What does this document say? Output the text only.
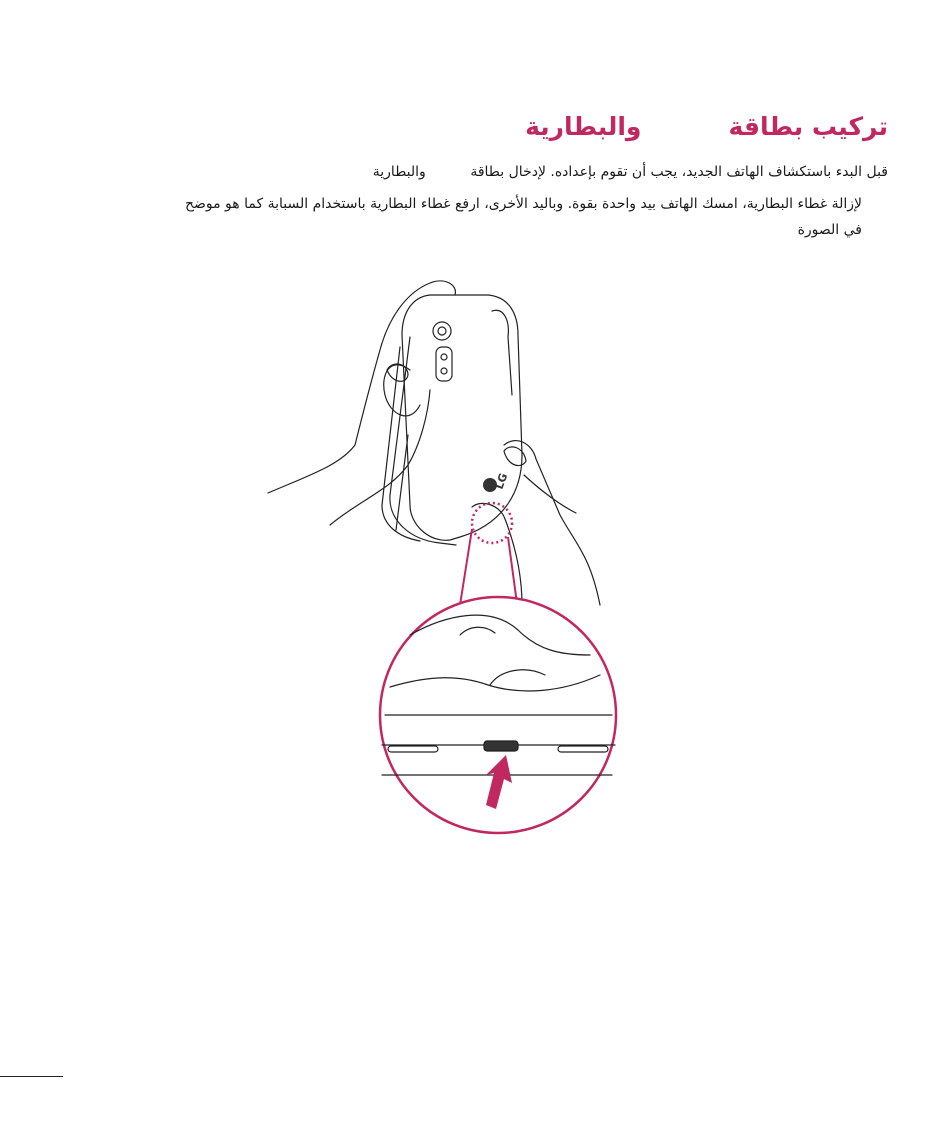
تركيب بطاقة          والبطارية
قبل البدء باستكشاف الهاتف الجديد، يجب أن تقوم بإعداده. لإدخال بطاقة          والبطارية
لإزالة غطاء البطارية، امسك الهاتف بيد واحدة بقوة. وباليد الأخرى، ارفع غطاء البطارية باستخدام السبابة كما هو موضح
في الصورة
LG
